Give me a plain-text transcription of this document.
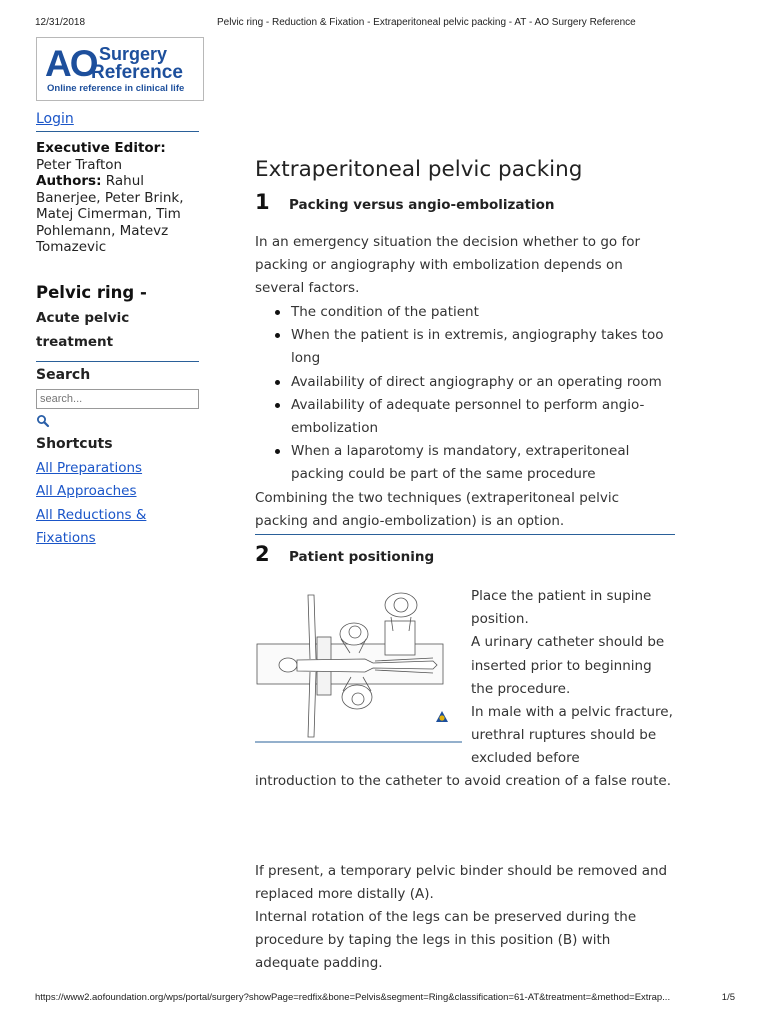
12/31/2018	Pelvic ring - Reduction & Fixation - Extraperitoneal pelvic packing - AT - AO Surgery Reference
AO Surgery
Reference
Online reference in clinical life
Login
Executive Editor:
Peter Trafton
Authors: Rahul Banerjee, Peter Brink, Matej Cimerman, Tim Pohlemann, Matevz Tomazevic
Pelvic ring -
Acute pelvic treatment
Search
search...
Shortcuts
All Preparations
All Approaches
All Reductions & Fixations
Extraperitoneal pelvic packing
1 Packing versus angio-embolization
In an emergency situation the decision whether to go for packing or angiography with embolization depends on several factors.
The condition of the patient
When the patient is in extremis, angiography takes too long
Availability of direct angiography or an operating room
Availability of adequate personnel to perform angio-embolization
When a laparotomy is mandatory, extraperitoneal packing could be part of the same procedure
Combining the two techniques (extraperitoneal pelvic packing and angio-embolization) is an option.
2 Patient positioning
Place the patient in supine position.
A urinary catheter should be inserted prior to beginning the procedure.
In male with a pelvic fracture, urethral ruptures should be excluded before
introduction to the catheter to avoid creation of a false route.
If present, a temporary pelvic binder should be removed and replaced more distally (A).
Internal rotation of the legs can be preserved during the procedure by taping the legs in this position (B) with adequate padding.
https://www2.aofoundation.org/wps/portal/surgery?showPage=redfix&bone=Pelvis&segment=Ring&classification=61-AT&treatment=&method=Extrap...	1/5
